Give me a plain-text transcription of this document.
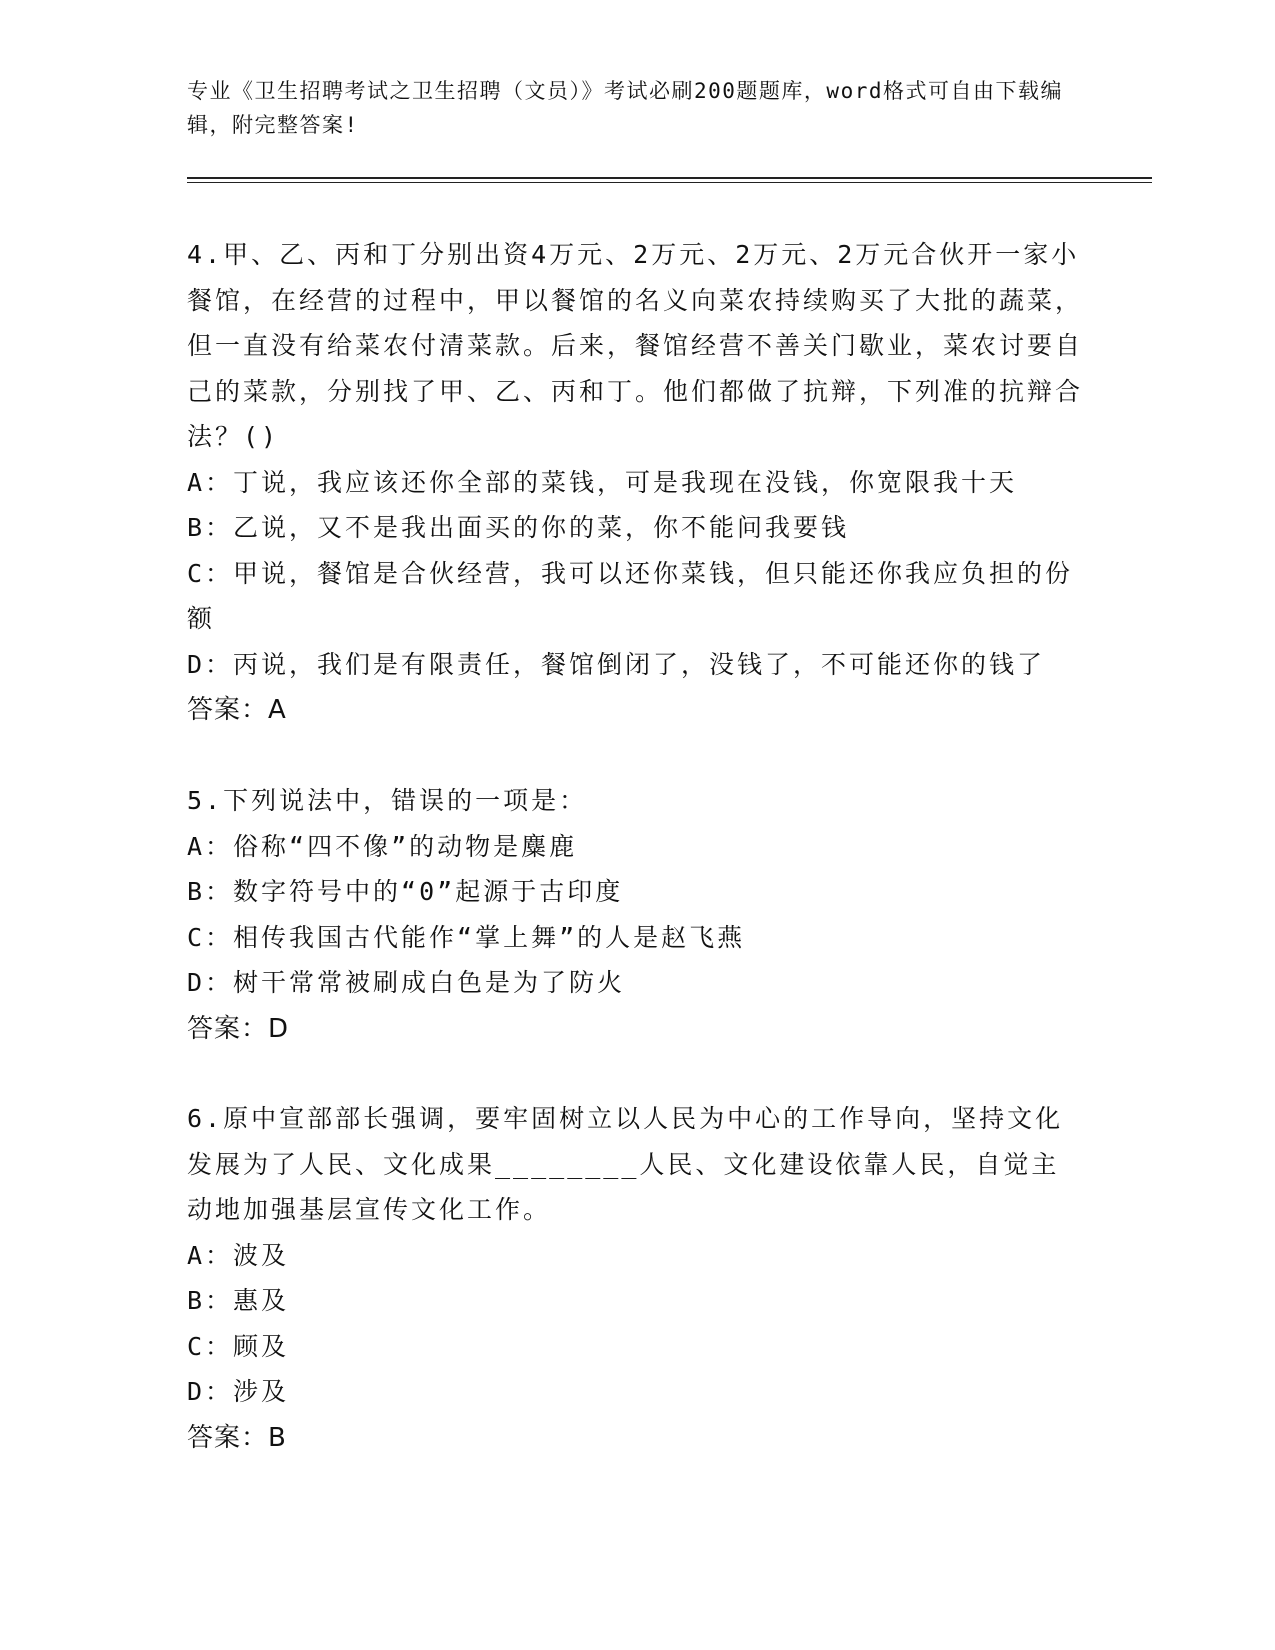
专业《卫生招聘考试之卫生招聘（文员）》考试必刷200题题库，word格式可自由下载编辑，附完整答案!
4.甲、乙、丙和丁分别出资4万元、2万元、2万元、2万元合伙开一家小餐馆，在经营的过程中，甲以餐馆的名义向菜农持续购买了大批的蔬菜，但一直没有给菜农付清菜款。后来，餐馆经营不善关门歇业，菜农讨要自己的菜款，分别找了甲、乙、丙和丁。他们都做了抗辩，下列准的抗辩合法？()
A：丁说，我应该还你全部的菜钱，可是我现在没钱，你宽限我十天
B：乙说，又不是我出面买的你的菜，你不能问我要钱
C：甲说，餐馆是合伙经营，我可以还你菜钱，但只能还你我应负担的份额
D：丙说，我们是有限责任，餐馆倒闭了，没钱了，不可能还你的钱了
答案：A
5.下列说法中，错误的一项是：
A：俗称“四不像”的动物是麋鹿
B：数字符号中的“0”起源于古印度
C：相传我国古代能作“掌上舞”的人是赵飞燕
D：树干常常被刷成白色是为了防火
答案：D
6.原中宣部部长强调，要牢固树立以人民为中心的工作导向，坚持文化发展为了人民、文化成果________人民、文化建设依靠人民，自觉主动地加强基层宣传文化工作。
A：波及
B：惠及
C：顾及
D：涉及
答案：B
